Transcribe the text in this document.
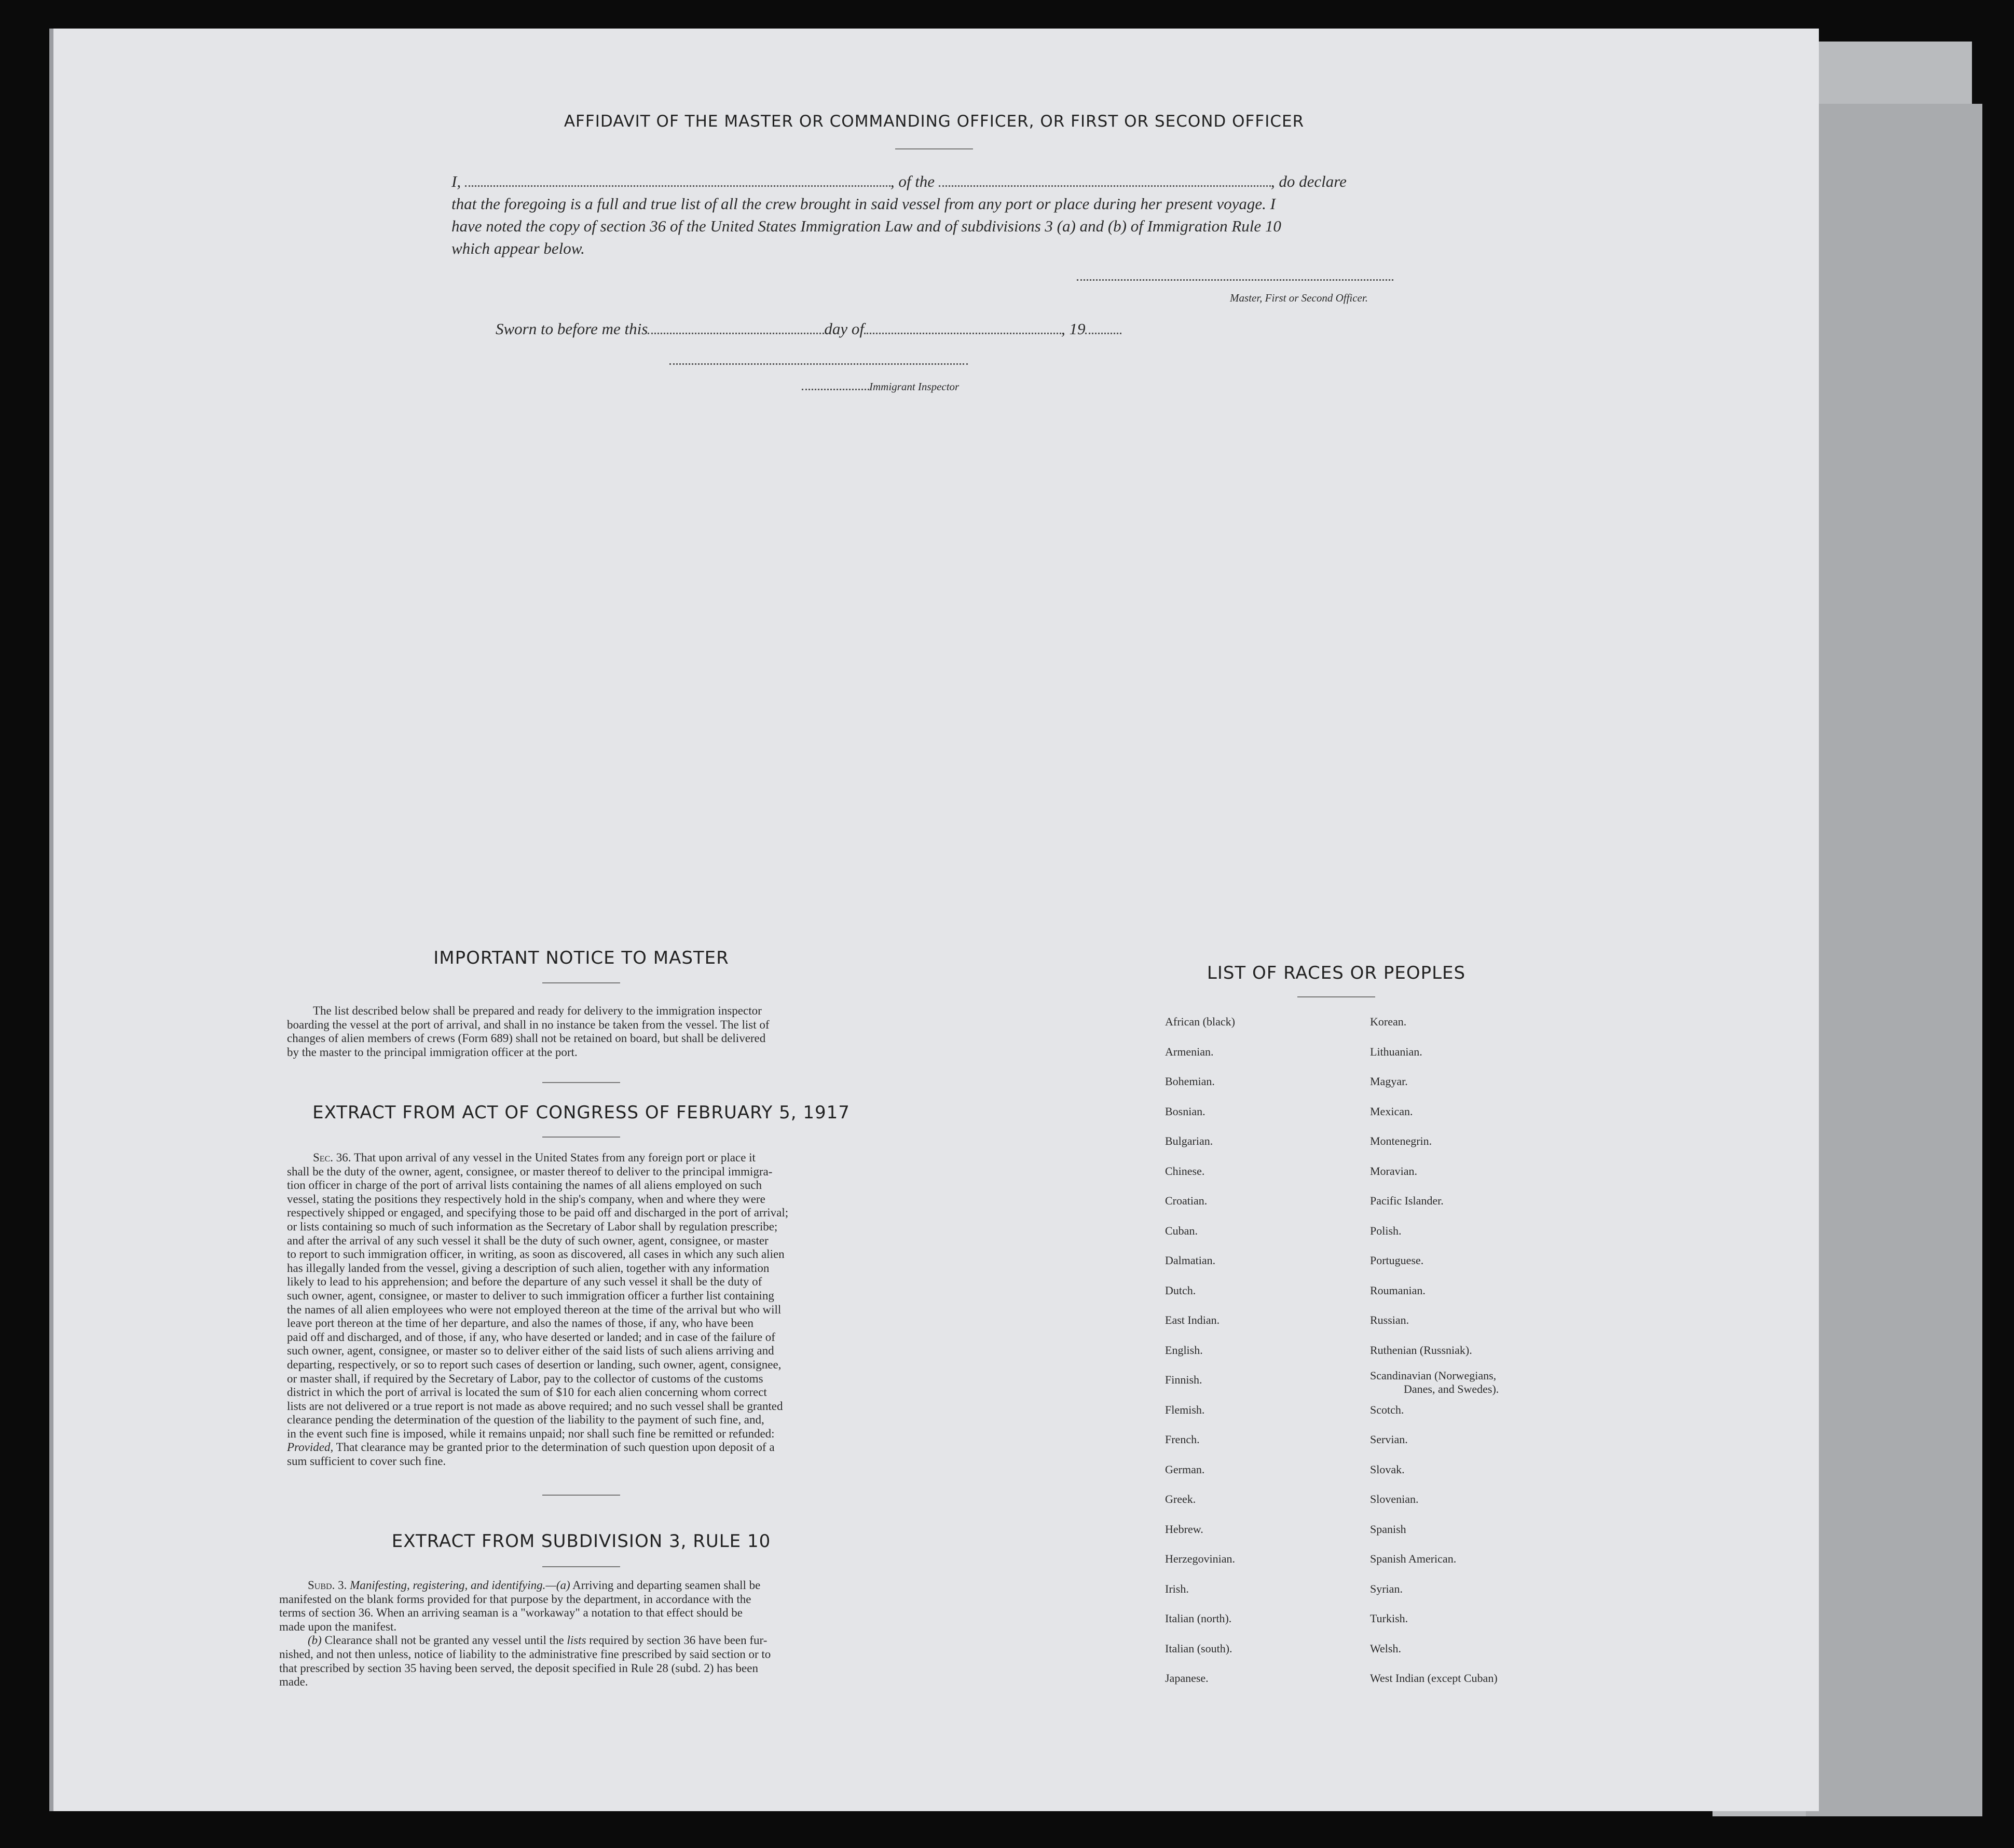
AFFIDAVIT OF THE MASTER OR COMMANDING OFFICER, OR FIRST OR SECOND OFFICER
I,	, of the	, do declare
that the foregoing is a full and true list of all the crew brought in said vessel from any port or place during her present voyage. I
have noted the copy of section 36 of the United States Immigration Law and of subdivisions 3 (a) and (b) of Immigration Rule 10
which appear below.
Master, First or Second Officer.
Sworn to before me this	day of	, 19
Immigrant Inspector
IMPORTANT NOTICE TO MASTER
The list described below shall be prepared and ready for delivery to the immigration inspector
boarding the vessel at the port of arrival, and shall in no instance be taken from the vessel. The list of
changes of alien members of crews (Form 689) shall not be retained on board, but shall be delivered
by the master to the principal immigration officer at the port.
EXTRACT FROM ACT OF CONGRESS OF FEBRUARY 5, 1917
Sec. 36. That upon arrival of any vessel in the United States from any foreign port or place it
shall be the duty of the owner, agent, consignee, or master thereof to deliver to the principal immigra-
tion officer in charge of the port of arrival lists containing the names of all aliens employed on such
vessel, stating the positions they respectively hold in the ship's company, when and where they were
respectively shipped or engaged, and specifying those to be paid off and discharged in the port of arrival;
or lists containing so much of such information as the Secretary of Labor shall by regulation prescribe;
and after the arrival of any such vessel it shall be the duty of such owner, agent, consignee, or master
to report to such immigration officer, in writing, as soon as discovered, all cases in which any such alien
has illegally landed from the vessel, giving a description of such alien, together with any information
likely to lead to his apprehension; and before the departure of any such vessel it shall be the duty of
such owner, agent, consignee, or master to deliver to such immigration officer a further list containing
the names of all alien employees who were not employed thereon at the time of the arrival but who will
leave port thereon at the time of her departure, and also the names of those, if any, who have been
paid off and discharged, and of those, if any, who have deserted or landed; and in case of the failure of
such owner, agent, consignee, or master so to deliver either of the said lists of such aliens arriving and
departing, respectively, or so to report such cases of desertion or landing, such owner, agent, consignee,
or master shall, if required by the Secretary of Labor, pay to the collector of customs of the customs
district in which the port of arrival is located the sum of $10 for each alien concerning whom correct
lists are not delivered or a true report is not made as above required; and no such vessel shall be granted
clearance pending the determination of the question of the liability to the payment of such fine, and,
in the event such fine is imposed, while it remains unpaid; nor shall such fine be remitted or refunded:
Provided, That clearance may be granted prior to the determination of such question upon deposit of a
sum sufficient to cover such fine.
EXTRACT FROM SUBDIVISION 3, RULE 10
Subd. 3. Manifesting, registering, and identifying.—(a) Arriving and departing seamen shall be
manifested on the blank forms provided for that purpose by the department, in accordance with the
terms of section 36. When an arriving seaman is a "workaway" a notation to that effect should be
made upon the manifest.
(b) Clearance shall not be granted any vessel until the lists required by section 36 have been fur-
nished, and not then unless, notice of liability to the administrative fine prescribed by said section or to
that prescribed by section 35 having been served, the deposit specified in Rule 28 (subd. 2) has been
made.
LIST OF RACES OR PEOPLES
African (black)
Armenian.
Bohemian.
Bosnian.
Bulgarian.
Chinese.
Croatian.
Cuban.
Dalmatian.
Dutch.
East Indian.
English.
Finnish.
Flemish.
French.
German.
Greek.
Hebrew.
Herzegovinian.
Irish.
Italian (north).
Italian (south).
Japanese.
Korean.
Lithuanian.
Magyar.
Mexican.
Montenegrin.
Moravian.
Pacific Islander.
Polish.
Portuguese.
Roumanian.
Russian.
Ruthenian (Russniak).
Scandinavian (Norwegians,
Danes, and Swedes).
Scotch.
Servian.
Slovak.
Slovenian.
Spanish
Spanish American.
Syrian.
Turkish.
Welsh.
West Indian (except Cuban)
